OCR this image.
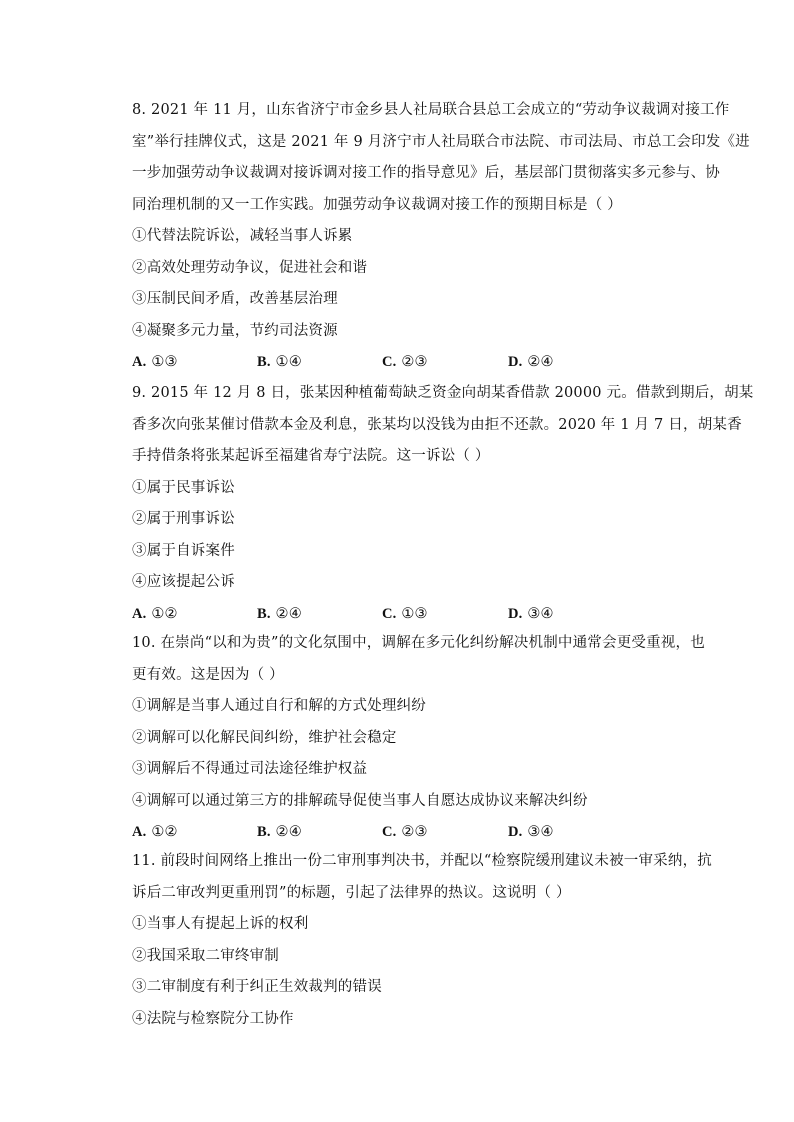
8. 2021 年 11 月，山东省济宁市金乡县人社局联合县总工会成立的“劳动争议裁调对接工作
室”举行挂牌仪式，这是 2021 年 9 月济宁市人社局联合市法院、市司法局、市总工会印发《进
一步加强劳动争议裁调对接诉调对接工作的指导意见》后，基层部门贯彻落实多元参与、协
同治理机制的又一工作实践。加强劳动争议裁调对接工作的预期目标是（ ）
①代替法院诉讼，减轻当事人诉累
②高效处理劳动争议，促进社会和谐
③压制民间矛盾，改善基层治理
④凝聚多元力量，节约司法资源
A. ①③	B. ①④	C. ②③	D. ②④
9. 2015 年 12 月 8 日，张某因种植葡萄缺乏资金向胡某香借款 20000 元。借款到期后，胡某
香多次向张某催讨借款本金及利息，张某均以没钱为由拒不还款。2020 年 1 月 7 日，胡某香
手持借条将张某起诉至福建省寿宁法院。这一诉讼（ ）
①属于民事诉讼
②属于刑事诉讼
③属于自诉案件
④应该提起公诉
A. ①②	B. ②④	C. ①③	D. ③④
10. 在崇尚“以和为贵”的文化氛围中，调解在多元化纠纷解决机制中通常会更受重视，也
更有效。这是因为（ ）
①调解是当事人通过自行和解的方式处理纠纷
②调解可以化解民间纠纷，维护社会稳定
③调解后不得通过司法途径维护权益
④调解可以通过第三方的排解疏导促使当事人自愿达成协议来解决纠纷
A. ①②	B. ②④	C. ②③	D. ③④
11. 前段时间网络上推出一份二审刑事判决书，并配以“检察院缓刑建议未被一审采纳，抗
诉后二审改判更重刑罚”的标题，引起了法律界的热议。这说明（ ）
①当事人有提起上诉的权利
②我国采取二审终审制
③二审制度有利于纠正生效裁判的错误
④法院与检察院分工协作
